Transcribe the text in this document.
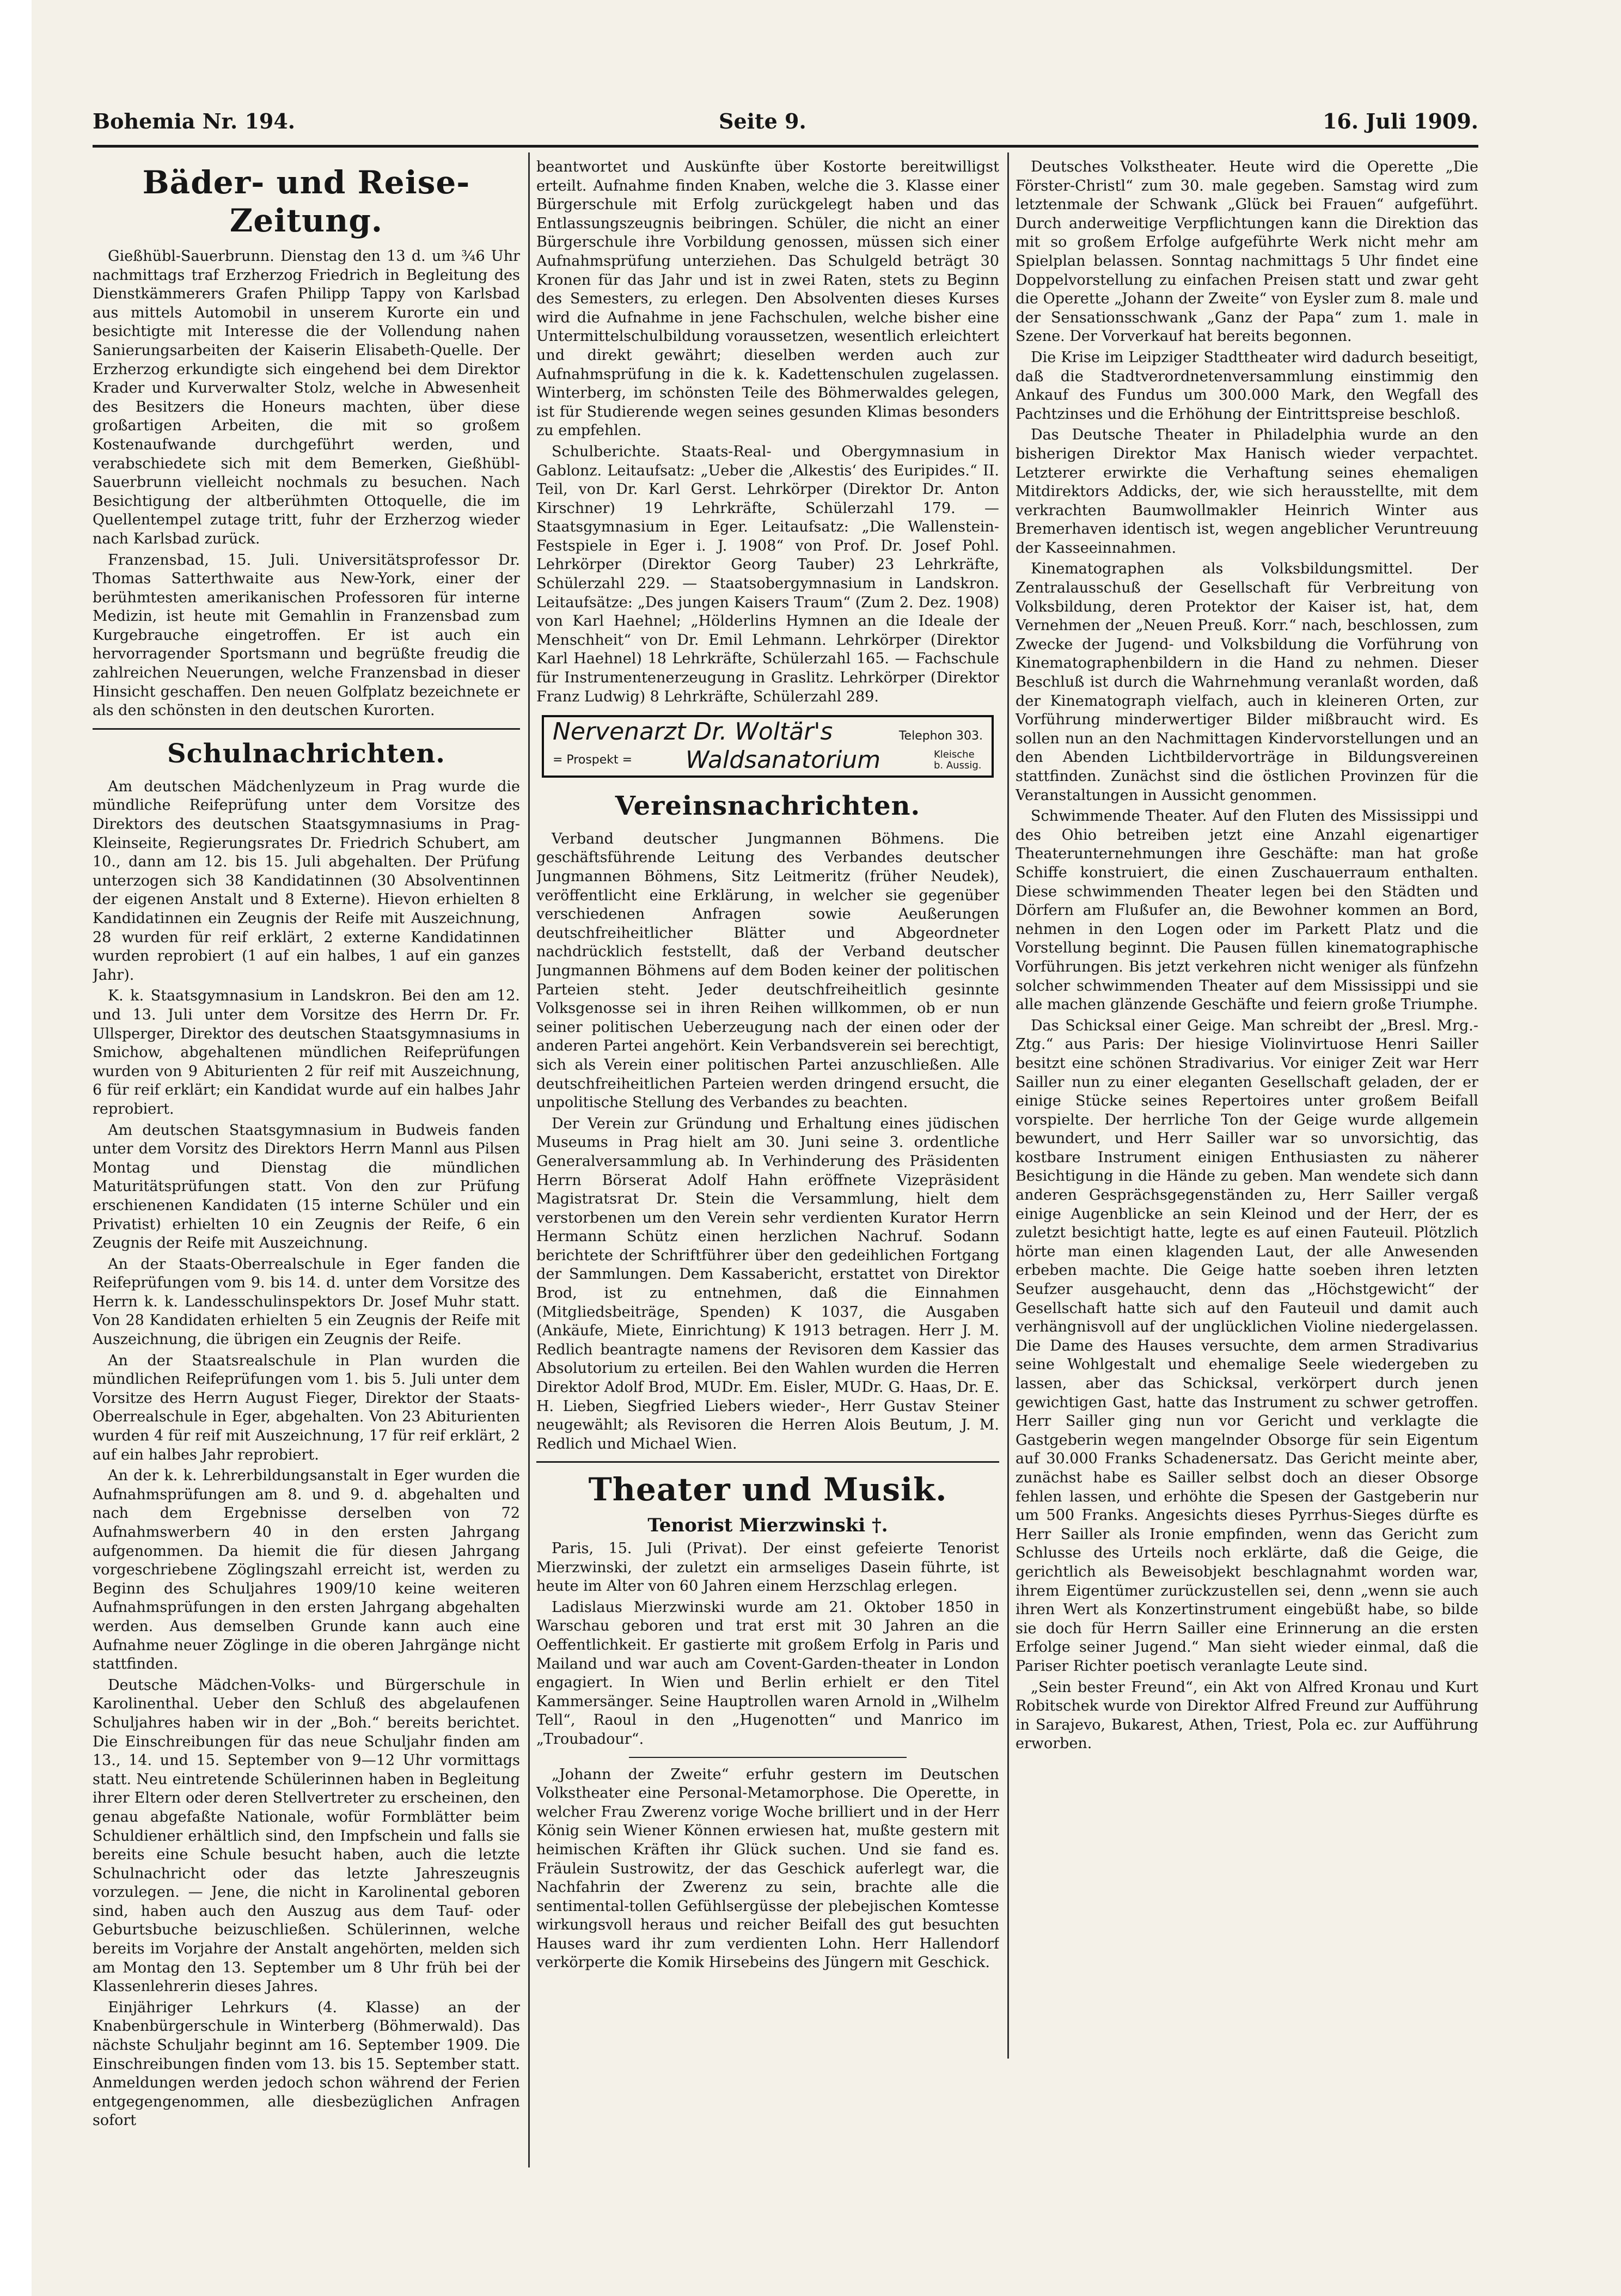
Bohemia Nr. 194.	Seite 9.	16. Juli 1909.
Bäder- und Reise-Zeitung.

Gießhübl-Sauerbrunn. Dienstag den 13 d. um ¾6 Uhr nachmittags traf Erzherzog Friedrich in Begleitung des Dienstkämmerers Grafen Philipp Tappy von Karlsbad aus mittels Automobil in unserem Kurorte ein und besichtigte mit Interesse die der Vollendung nahen Sanierungsarbeiten der Kaiserin Elisabeth-Quelle. Der Erzherzog erkundigte sich eingehend bei dem Direktor Krader und Kurverwalter Stolz, welche in Abwesenheit des Besitzers die Honeurs machten, über diese großartigen Arbeiten, die mit so großem Kostenaufwande durchgeführt werden, und verabschiedete sich mit dem Bemerken, Gießhübl-Sauerbrunn vielleicht nochmals zu besuchen. Nach Besichtigung der altberühmten Ottoquelle, die im Quellentempel zutage tritt, fuhr der Erzherzog wieder nach Karlsbad zurück.

Franzensbad, 15. Juli. Universitätsprofessor Dr. Thomas Satterthwaite aus New-York, einer der berühmtesten amerikanischen Professoren für interne Medizin, ist heute mit Gemahlin in Franzensbad zum Kurgebrauche eingetroffen. Er ist auch ein hervorragender Sportsmann und begrüßte freudig die zahlreichen Neuerungen, welche Franzensbad in dieser Hinsicht geschaffen. Den neuen Golfplatz bezeichnete er als den schönsten in den deutschen Kurorten.

Schulnachrichten.

Am deutschen Mädchenlyzeum in Prag wurde die mündliche Reifeprüfung unter dem Vorsitze des Direktors des deutschen Staatsgymnasiums in Prag-Kleinseite, Regierungsrates Dr. Friedrich Schubert, am 10., dann am 12. bis 15. Juli abgehalten. Der Prüfung unterzogen sich 38 Kandidatinnen (30 Absolventinnen der eigenen Anstalt und 8 Externe). Hievon erhielten 8 Kandidatinnen ein Zeugnis der Reife mit Auszeichnung, 28 wurden für reif erklärt, 2 externe Kandidatinnen wurden reprobiert (1 auf ein halbes, 1 auf ein ganzes Jahr).

K. k. Staatsgymnasium in Landskron. Bei den am 12. und 13. Juli unter dem Vorsitze des Herrn Dr. Fr. Ullsperger, Direktor des deutschen Staatsgymnasiums in Smichow, abgehaltenen mündlichen Reifeprüfungen wurden von 9 Abiturienten 2 für reif mit Auszeichnung, 6 für reif erklärt; ein Kandidat wurde auf ein halbes Jahr reprobiert.

Am deutschen Staatsgymnasium in Budweis fanden unter dem Vorsitz des Direktors Herrn Mannl aus Pilsen Montag und Dienstag die mündlichen Maturitätsprüfungen statt. Von den zur Prüfung erschienenen Kandidaten (15 interne Schüler und ein Privatist) erhielten 10 ein Zeugnis der Reife, 6 ein Zeugnis der Reife mit Auszeichnung.

An der Staats-Oberrealschule in Eger fanden die Reifeprüfungen vom 9. bis 14. d. unter dem Vorsitze des Herrn k. k. Landesschulinspektors Dr. Josef Muhr statt. Von 28 Kandidaten erhielten 5 ein Zeugnis der Reife mit Auszeichnung, die übrigen ein Zeugnis der Reife.

An der Staatsrealschule in Plan wurden die mündlichen Reifeprüfungen vom 1. bis 5. Juli unter dem Vorsitze des Herrn August Fieger, Direktor der Staats-Oberrealschule in Eger, abgehalten. Von 23 Abiturienten wurden 4 für reif mit Auszeichnung, 17 für reif erklärt, 2 auf ein halbes Jahr reprobiert.

An der k. k. Lehrerbildungsanstalt in Eger wurden die Aufnahmsprüfungen am 8. und 9. d. abgehalten und nach dem Ergebnisse derselben von 72 Aufnahmswerbern 40 in den ersten Jahrgang aufgenommen. Da hiemit die für diesen Jahrgang vorgeschriebene Zöglingszahl erreicht ist, werden zu Beginn des Schuljahres 1909/10 keine weiteren Aufnahmsprüfungen in den ersten Jahrgang abgehalten werden. Aus demselben Grunde kann auch eine Aufnahme neuer Zöglinge in die oberen Jahrgänge nicht stattfinden.

Deutsche Mädchen-Volks- und Bürgerschule in Karolinenthal. Ueber den Schluß des abgelaufenen Schuljahres haben wir in der „Boh.“ bereits berichtet. Die Einschreibungen für das neue Schuljahr finden am 13., 14. und 15. September von 9—12 Uhr vormittags statt. Neu eintretende Schülerinnen haben in Begleitung ihrer Eltern oder deren Stellvertreter zu erscheinen, den genau abgefaßte Nationale, wofür Formblätter beim Schuldiener erhältlich sind, den Impfschein und falls sie bereits eine Schule besucht haben, auch die letzte Schulnachricht oder das letzte Jahreszeugnis vorzulegen. — Jene, die nicht in Karolinental geboren sind, haben auch den Auszug aus dem Tauf- oder Geburtsbuche beizuschließen. Schülerinnen, welche bereits im Vorjahre der Anstalt angehörten, melden sich am Montag den 13. September um 8 Uhr früh bei der Klassenlehrerin dieses Jahres.

Einjähriger Lehrkurs (4. Klasse) an der Knabenbürgerschule in Winterberg (Böhmerwald). Das nächste Schuljahr beginnt am 16. September 1909. Die Einschreibungen finden vom 13. bis 15. September statt. Anmeldungen werden jedoch schon während der Ferien entgegengenommen, alle diesbezüglichen Anfragen sofort

beantwortet und Auskünfte über Kostorte bereitwilligst erteilt. Aufnahme finden Knaben, welche die 3. Klasse einer Bürgerschule mit Erfolg zurückgelegt haben und das Entlassungszeugnis beibringen. Schüler, die nicht an einer Bürgerschule ihre Vorbildung genossen, müssen sich einer Aufnahmsprüfung unterziehen. Das Schulgeld beträgt 30 Kronen für das Jahr und ist in zwei Raten, stets zu Beginn des Semesters, zu erlegen. Den Absolventen dieses Kurses wird die Aufnahme in jene Fachschulen, welche bisher eine Untermittelschulbildung voraussetzen, wesentlich erleichtert und direkt gewährt; dieselben werden auch zur Aufnahmsprüfung in die k. k. Kadettenschulen zugelassen. Winterberg, im schönsten Teile des Böhmerwaldes gelegen, ist für Studierende wegen seines gesunden Klimas besonders zu empfehlen.

Schulberichte. Staats-Real- und Obergymnasium in Gablonz. Leitaufsatz: „Ueber die ‚Alkestis‘ des Euripides.“ II. Teil, von Dr. Karl Gerst. Lehrkörper (Direktor Dr. Anton Kirschner) 19 Lehrkräfte, Schülerzahl 179. — Staatsgymnasium in Eger. Leitaufsatz: „Die Wallenstein-Festspiele in Eger i. J. 1908“ von Prof. Dr. Josef Pohl. Lehrkörper (Direktor Georg Tauber) 23 Lehrkräfte, Schülerzahl 229. — Staatsobergymnasium in Landskron. Leitaufsätze: „Des jungen Kaisers Traum“ (Zum 2. Dez. 1908) von Karl Haehnel; „Hölderlins Hymnen an die Ideale der Menschheit“ von Dr. Emil Lehmann. Lehrkörper (Direktor Karl Haehnel) 18 Lehrkräfte, Schülerzahl 165. — Fachschule für Instrumentenerzeugung in Graslitz. Lehrkörper (Direktor Franz Ludwig) 8 Lehrkräfte, Schülerzahl 289.

Nervenarzt Dr. Woltär's	Telephon 303.
= Prospekt = Waldsanatorium	Kleische b. Aussig.
Vereinsnachrichten.

Verband deutscher Jungmannen Böhmens. Die geschäftsführende Leitung des Verbandes deutscher Jungmannen Böhmens, Sitz Leitmeritz (früher Neudek), veröffentlicht eine Erklärung, in welcher sie gegenüber verschiedenen Anfragen sowie Aeußerungen deutschfreiheitlicher Blätter und Abgeordneter nachdrücklich feststellt, daß der Verband deutscher Jungmannen Böhmens auf dem Boden keiner der politischen Parteien steht. Jeder deutschfreiheitlich gesinnte Volksgenosse sei in ihren Reihen willkommen, ob er nun seiner politischen Ueberzeugung nach der einen oder der anderen Partei angehört. Kein Verbandsverein sei berechtigt, sich als Verein einer politischen Partei anzuschließen. Alle deutschfreiheitlichen Parteien werden dringend ersucht, die unpolitische Stellung des Verbandes zu beachten.

Der Verein zur Gründung und Erhaltung eines jüdischen Museums in Prag hielt am 30. Juni seine 3. ordentliche Generalversammlung ab. In Verhinderung des Präsidenten Herrn Börserat Adolf Hahn eröffnete Vizepräsident Magistratsrat Dr. Stein die Versammlung, hielt dem verstorbenen um den Verein sehr verdienten Kurator Herrn Hermann Schütz einen herzlichen Nachruf. Sodann berichtete der Schriftführer über den gedeihlichen Fortgang der Sammlungen. Dem Kassabericht, erstattet von Direktor Brod, ist zu entnehmen, daß die Einnahmen (Mitgliedsbeiträge, Spenden) K 1037, die Ausgaben (Ankäufe, Miete, Einrichtung) K 1913 betragen. Herr J. M. Redlich beantragte namens der Revisoren dem Kassier das Absolutorium zu erteilen. Bei den Wahlen wurden die Herren Direktor Adolf Brod, MUDr. Em. Eisler, MUDr. G. Haas, Dr. E. H. Lieben, Siegfried Liebers wieder-, Herr Gustav Steiner neugewählt; als Revisoren die Herren Alois Beutum, J. M. Redlich und Michael Wien.

Theater und Musik.
Tenorist Mierzwinski †.

Paris, 15. Juli (Privat). Der einst gefeierte Tenorist Mierzwinski, der zuletzt ein armseliges Dasein führte, ist heute im Alter von 60 Jahren einem Herzschlag erlegen.

Ladislaus Mierzwinski wurde am 21. Oktober 1850 in Warschau geboren und trat erst mit 30 Jahren an die Oeffentlichkeit. Er gastierte mit großem Erfolg in Paris und Mailand und war auch am Covent-Garden-theater in London engagiert. In Wien und Berlin erhielt er den Titel Kammersänger. Seine Hauptrollen waren Arnold in „Wilhelm Tell“, Raoul in den „Hugenotten“ und Manrico im „Troubadour“.

„Johann der Zweite“ erfuhr gestern im Deutschen Volkstheater eine Personal-Metamorphose. Die Operette, in welcher Frau Zwerenz vorige Woche brilliert und in der Herr König sein Wiener Können erwiesen hat, mußte gestern mit heimischen Kräften ihr Glück suchen. Und sie fand es. Fräulein Sustrowitz, der das Geschick auferlegt war, die Nachfahrin der Zwerenz zu sein, brachte alle die sentimental-tollen Gefühlsergüsse der plebejischen Komtesse wirkungsvoll heraus und reicher Beifall des gut besuchten Hauses ward ihr zum verdienten Lohn. Herr Hallendorf verkörperte die Komik Hirsebeins des Jüngern mit Geschick.

Deutsches Volkstheater. Heute wird die Operette „Die Förster-Christl“ zum 30. male gegeben. Samstag wird zum letztenmale der Schwank „Glück bei Frauen“ aufgeführt. Durch anderweitige Verpflichtungen kann die Direktion das mit so großem Erfolge aufgeführte Werk nicht mehr am Spielplan belassen. Sonntag nachmittags 5 Uhr findet eine Doppelvorstellung zu einfachen Preisen statt und zwar geht die Operette „Johann der Zweite“ von Eysler zum 8. male und der Sensationsschwank „Ganz der Papa“ zum 1. male in Szene. Der Vorverkauf hat bereits begonnen.

Die Krise im Leipziger Stadttheater wird dadurch beseitigt, daß die Stadtverordnetenversammlung einstimmig den Ankauf des Fundus um 300.000 Mark, den Wegfall des Pachtzinses und die Erhöhung der Eintrittspreise beschloß.

Das Deutsche Theater in Philadelphia wurde an den bisherigen Direktor Max Hanisch wieder verpachtet. Letzterer erwirkte die Verhaftung seines ehemaligen Mitdirektors Addicks, der, wie sich herausstellte, mit dem verkrachten Baumwollmakler Heinrich Winter aus Bremerhaven identisch ist, wegen angeblicher Veruntreuung der Kasseeinnahmen.

Kinematographen als Volksbildungsmittel. Der Zentralausschuß der Gesellschaft für Verbreitung von Volksbildung, deren Protektor der Kaiser ist, hat, dem Vernehmen der „Neuen Preuß. Korr.“ nach, beschlossen, zum Zwecke der Jugend- und Volksbildung die Vorführung von Kinematographenbildern in die Hand zu nehmen. Dieser Beschluß ist durch die Wahrnehmung veranlaßt worden, daß der Kinematograph vielfach, auch in kleineren Orten, zur Vorführung minderwertiger Bilder mißbraucht wird. Es sollen nun an den Nachmittagen Kindervorstellungen und an den Abenden Lichtbildervorträge in Bildungsvereinen stattfinden. Zunächst sind die östlichen Provinzen für die Veranstaltungen in Aussicht genommen.

Schwimmende Theater. Auf den Fluten des Mississippi und des Ohio betreiben jetzt eine Anzahl eigenartiger Theaterunternehmungen ihre Geschäfte: man hat große Schiffe konstruiert, die einen Zuschauerraum enthalten. Diese schwimmenden Theater legen bei den Städten und Dörfern am Flußufer an, die Bewohner kommen an Bord, nehmen in den Logen oder im Parkett Platz und die Vorstellung beginnt. Die Pausen füllen kinematographische Vorführungen. Bis jetzt verkehren nicht weniger als fünfzehn solcher schwimmenden Theater auf dem Mississippi und sie alle machen glänzende Geschäfte und feiern große Triumphe.

Das Schicksal einer Geige. Man schreibt der „Bresl. Mrg.-Ztg.“ aus Paris: Der hiesige Violinvirtuose Henri Sailler besitzt eine schönen Stradivarius. Vor einiger Zeit war Herr Sailler nun zu einer eleganten Gesellschaft geladen, der er einige Stücke seines Repertoires unter großem Beifall vorspielte. Der herrliche Ton der Geige wurde allgemein bewundert, und Herr Sailler war so unvorsichtig, das kostbare Instrument einigen Enthusiasten zu näherer Besichtigung in die Hände zu geben. Man wendete sich dann anderen Gesprächsgegenständen zu, Herr Sailler vergaß einige Augenblicke an sein Kleinod und der Herr, der es zuletzt besichtigt hatte, legte es auf einen Fauteuil. Plötzlich hörte man einen klagenden Laut, der alle Anwesenden erbeben machte. Die Geige hatte soeben ihren letzten Seufzer ausgehaucht, denn das „Höchstgewicht“ der Gesellschaft hatte sich auf den Fauteuil und damit auch verhängnisvoll auf der unglücklichen Violine niedergelassen. Die Dame des Hauses versuchte, dem armen Stradivarius seine Wohlgestalt und ehemalige Seele wiedergeben zu lassen, aber das Schicksal, verkörpert durch jenen gewichtigen Gast, hatte das Instrument zu schwer getroffen. Herr Sailler ging nun vor Gericht und verklagte die Gastgeberin wegen mangelnder Obsorge für sein Eigentum auf 30.000 Franks Schadenersatz. Das Gericht meinte aber, zunächst habe es Sailler selbst doch an dieser Obsorge fehlen lassen, und erhöhte die Spesen der Gastgeberin nur um 500 Franks. Angesichts dieses Pyrrhus-Sieges dürfte es Herr Sailler als Ironie empfinden, wenn das Gericht zum Schlusse des Urteils noch erklärte, daß die Geige, die gerichtlich als Beweisobjekt beschlagnahmt worden war, ihrem Eigentümer zurückzustellen sei, denn „wenn sie auch ihren Wert als Konzertinstrument eingebüßt habe, so bilde sie doch für Herrn Sailler eine Erinnerung an die ersten Erfolge seiner Jugend.“ Man sieht wieder einmal, daß die Pariser Richter poetisch veranlagte Leute sind.

„Sein bester Freund“, ein Akt von Alfred Kronau und Kurt Robitschek wurde von Direktor Alfred Freund zur Aufführung in Sarajevo, Bukarest, Athen, Triest, Pola ec. zur Aufführung erworben.
